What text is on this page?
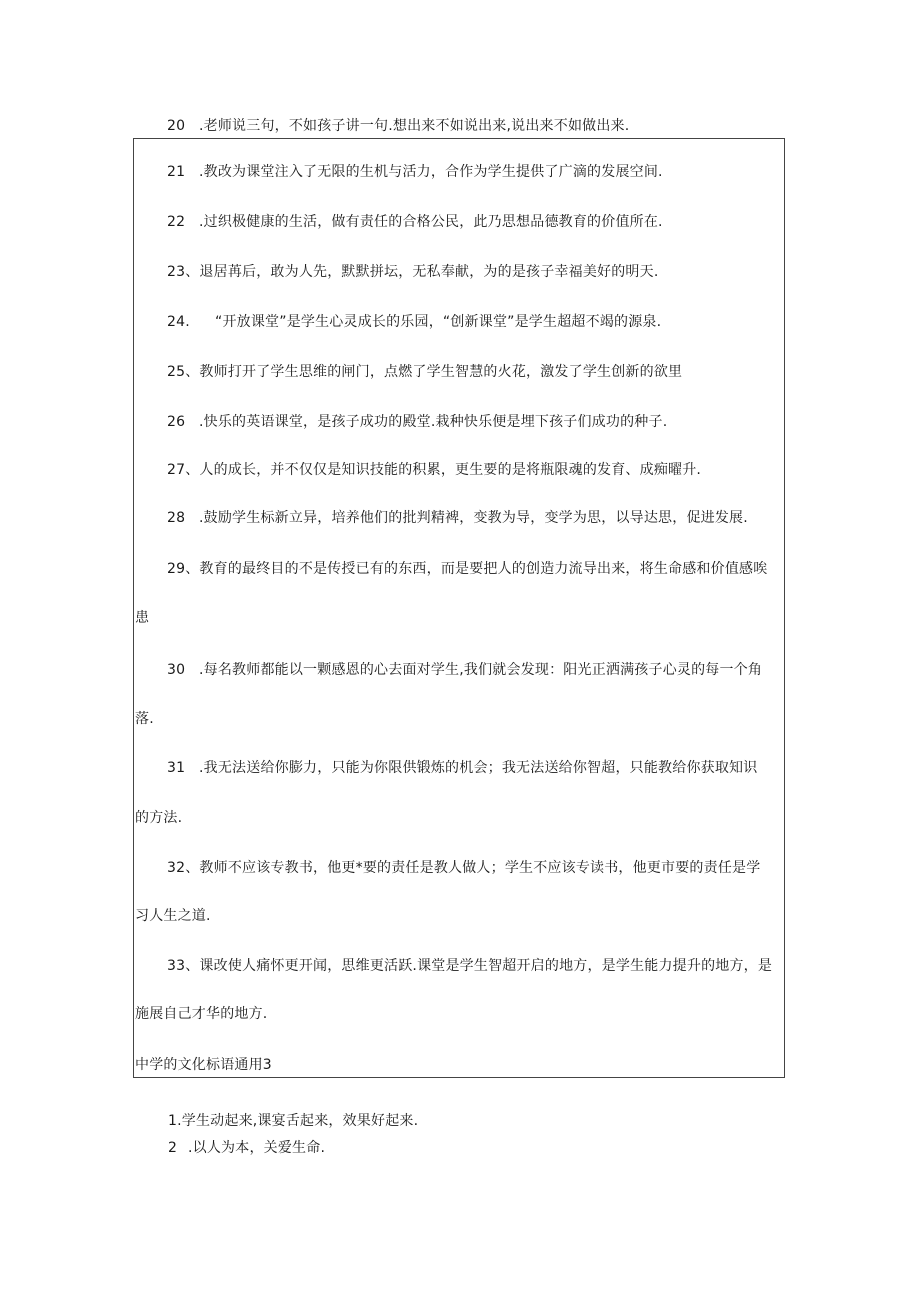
20 .老师说三句，不如孩子讲一句.想出来不如说出来,说出来不如做出来.
21 .教改为课堂注入了无限的生机与活力，合作为学生提供了广滴的发展空间.
22 .过织极健康的生活，做有责任的合格公民，此乃思想品德教育的价值所在.
23、退居苒后，敢为人先，默默拼坛，无私奉献，为的是孩子幸福美好的明天.
24. “开放课堂”是学生心灵成长的乐园，“创新课堂”是学生超超不竭的源泉.
25、教师打开了学生思维的闸门，点燃了学生智慧的火花，激发了学生创新的欲里
26 .快乐的英语课堂，是孩子成功的殿堂.栽种快乐便是埋下孩子们成功的种子.
27、人的成长，并不仅仅是知识技能的积累，更生要的是将瓶限魂的发育、成痴曜升.
28 .鼓励学生标新立异，培养他们的批判精裨，变教为导，变学为思，以导达思，促进发展.
29、教育的最终目的不是传授已有的东西，而是要把人的创造力流导出来，将生命感和价值感唉
患
30 .每名教师都能以一颗感恩的心去面对学生,我们就会发现：阳光正洒满孩子心灵的每一个角
落.
31 .我无法送给你膨力，只能为你限供锻炼的机会；我无法送给你智超，只能教给你获取知识
的方法.
32、教师不应该专教书，他更*要的责任是教人做人；学生不应该专读书，他更市要的责任是学
习人生之道.
33、课改使人痛怀更开闻，思维更活跃.课堂是学生智超开启的地方，是学生能力提升的地方，是
施展自己才华的地方.
中学的文化标语通用3
1.学生动起来,课宴舌起来，效果好起来.
2 .以人为本，关爱生命.
